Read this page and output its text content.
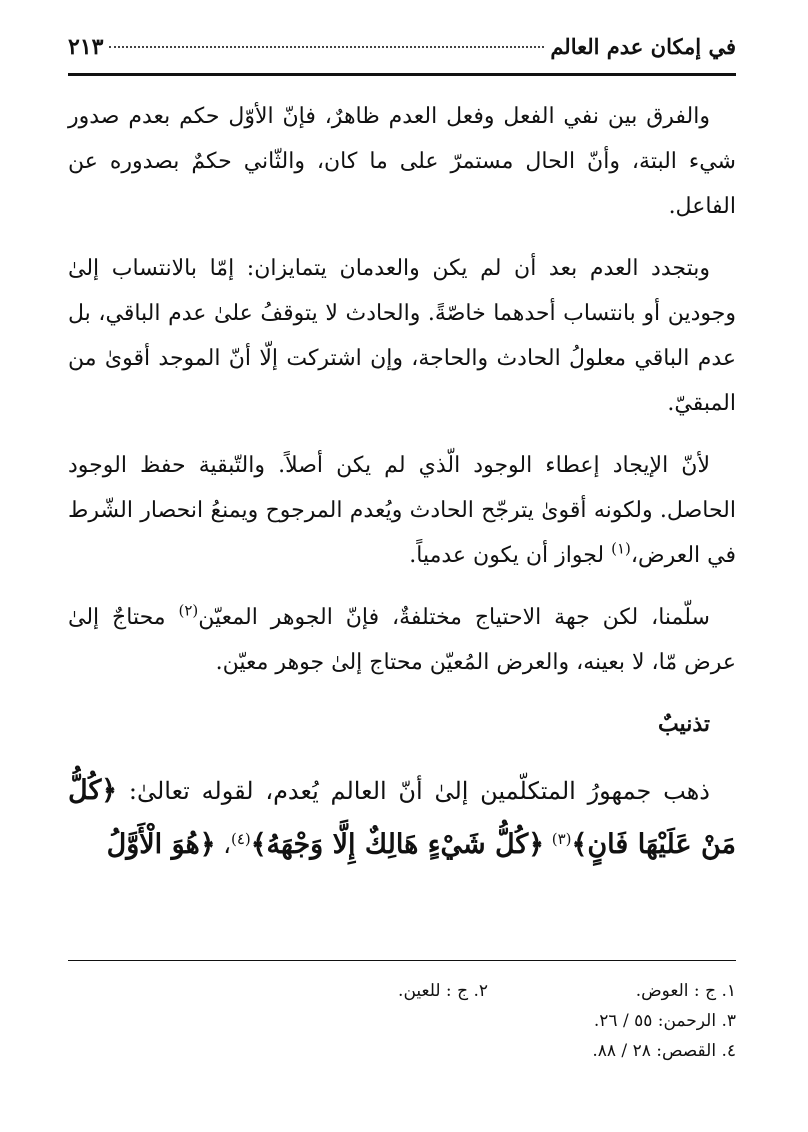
في إمكان عدم العالم
٢١٣

والفرق بين نفي الفعل وفعل العدم ظاهرٌ، فإنّ الأوّل حكم بعدم صدور شيء البتة، وأنّ الحال مستمرّ على ما كان، والثّاني حكمٌ بصدوره عن الفاعل.

وبتجدد العدم بعد أن لم يكن والعدمان يتمايزان: إمّا بالانتساب إلىٰ وجودين أو بانتساب أحدهما خاصّةً. والحادث لا يتوقفُ علىٰ عدم الباقي، بل عدم الباقي معلولُ الحادث والحاجة، وإن اشتركت إلّا أنّ الموجد أقوىٰ من المبقيّ.

لأنّ الإيجاد إعطاء الوجود الّذي لم يكن أصلاً. والتّبقية حفظ الوجود الحاصل. ولكونه أقوىٰ يترجّح الحادث ويُعدم المرجوح ويمنعُ انحصار الشّرط في العرض،$^{(١)}$ لجواز أن يكون عدمياً.

سلّمنا، لكن جهة الاحتياج مختلفةٌ، فإنّ الجوهر المعيّن$^{(٢)}$ محتاجٌ إلىٰ عرض مّا، لا بعينه، والعرض المُعيّن محتاج إلىٰ جوهر معيّن.

تذنيبٌ

ذهب جمهورُ المتكلّمين إلىٰ أنّ العالم يُعدم، لقوله تعالىٰ: ﴿كُلُّ مَنْ عَلَيْهَا فَانٍ﴾$^{(٣)}$ ﴿كُلُّ شَيْءٍ هَالِكٌ إِلَّا وَجْهَهُ﴾$^{(٤)}$، ﴿هُوَ الْأَوَّلُ

١. ج : العوض.
٢. ج : للعين.
٣. الرحمن: ٥٥ / ٢٦.
٤. القصص: ٢٨ / ٨٨.
